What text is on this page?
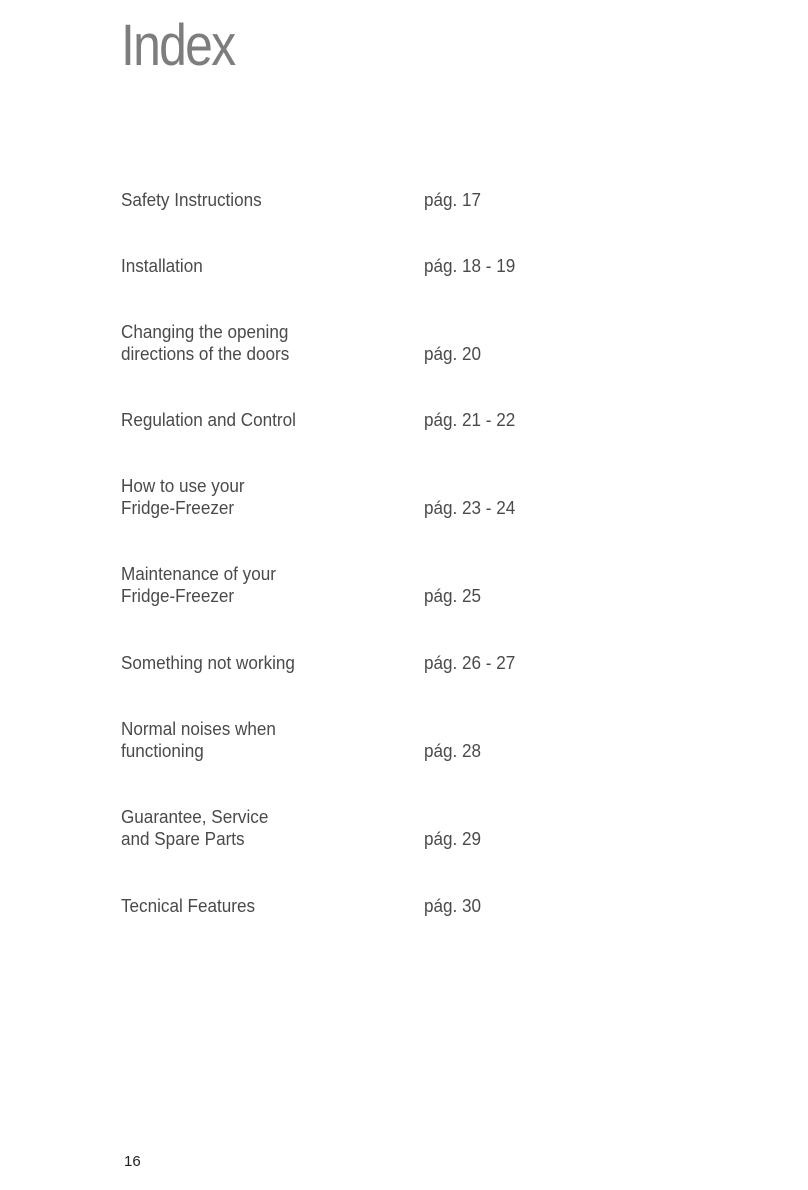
Index
Safety Instructions	pág. 17
Installation	pág. 18 - 19
Changing the opening
directions of the doors	pág. 20
Regulation and Control	pág. 21 - 22
How to use your
Fridge-Freezer	pág. 23 - 24
Maintenance of your
Fridge-Freezer	pág. 25
Something not working	pág. 26 - 27
Normal noises when
functioning	pág. 28
Guarantee, Service
and Spare Parts	pág. 29
Tecnical Features	pág. 30
16
